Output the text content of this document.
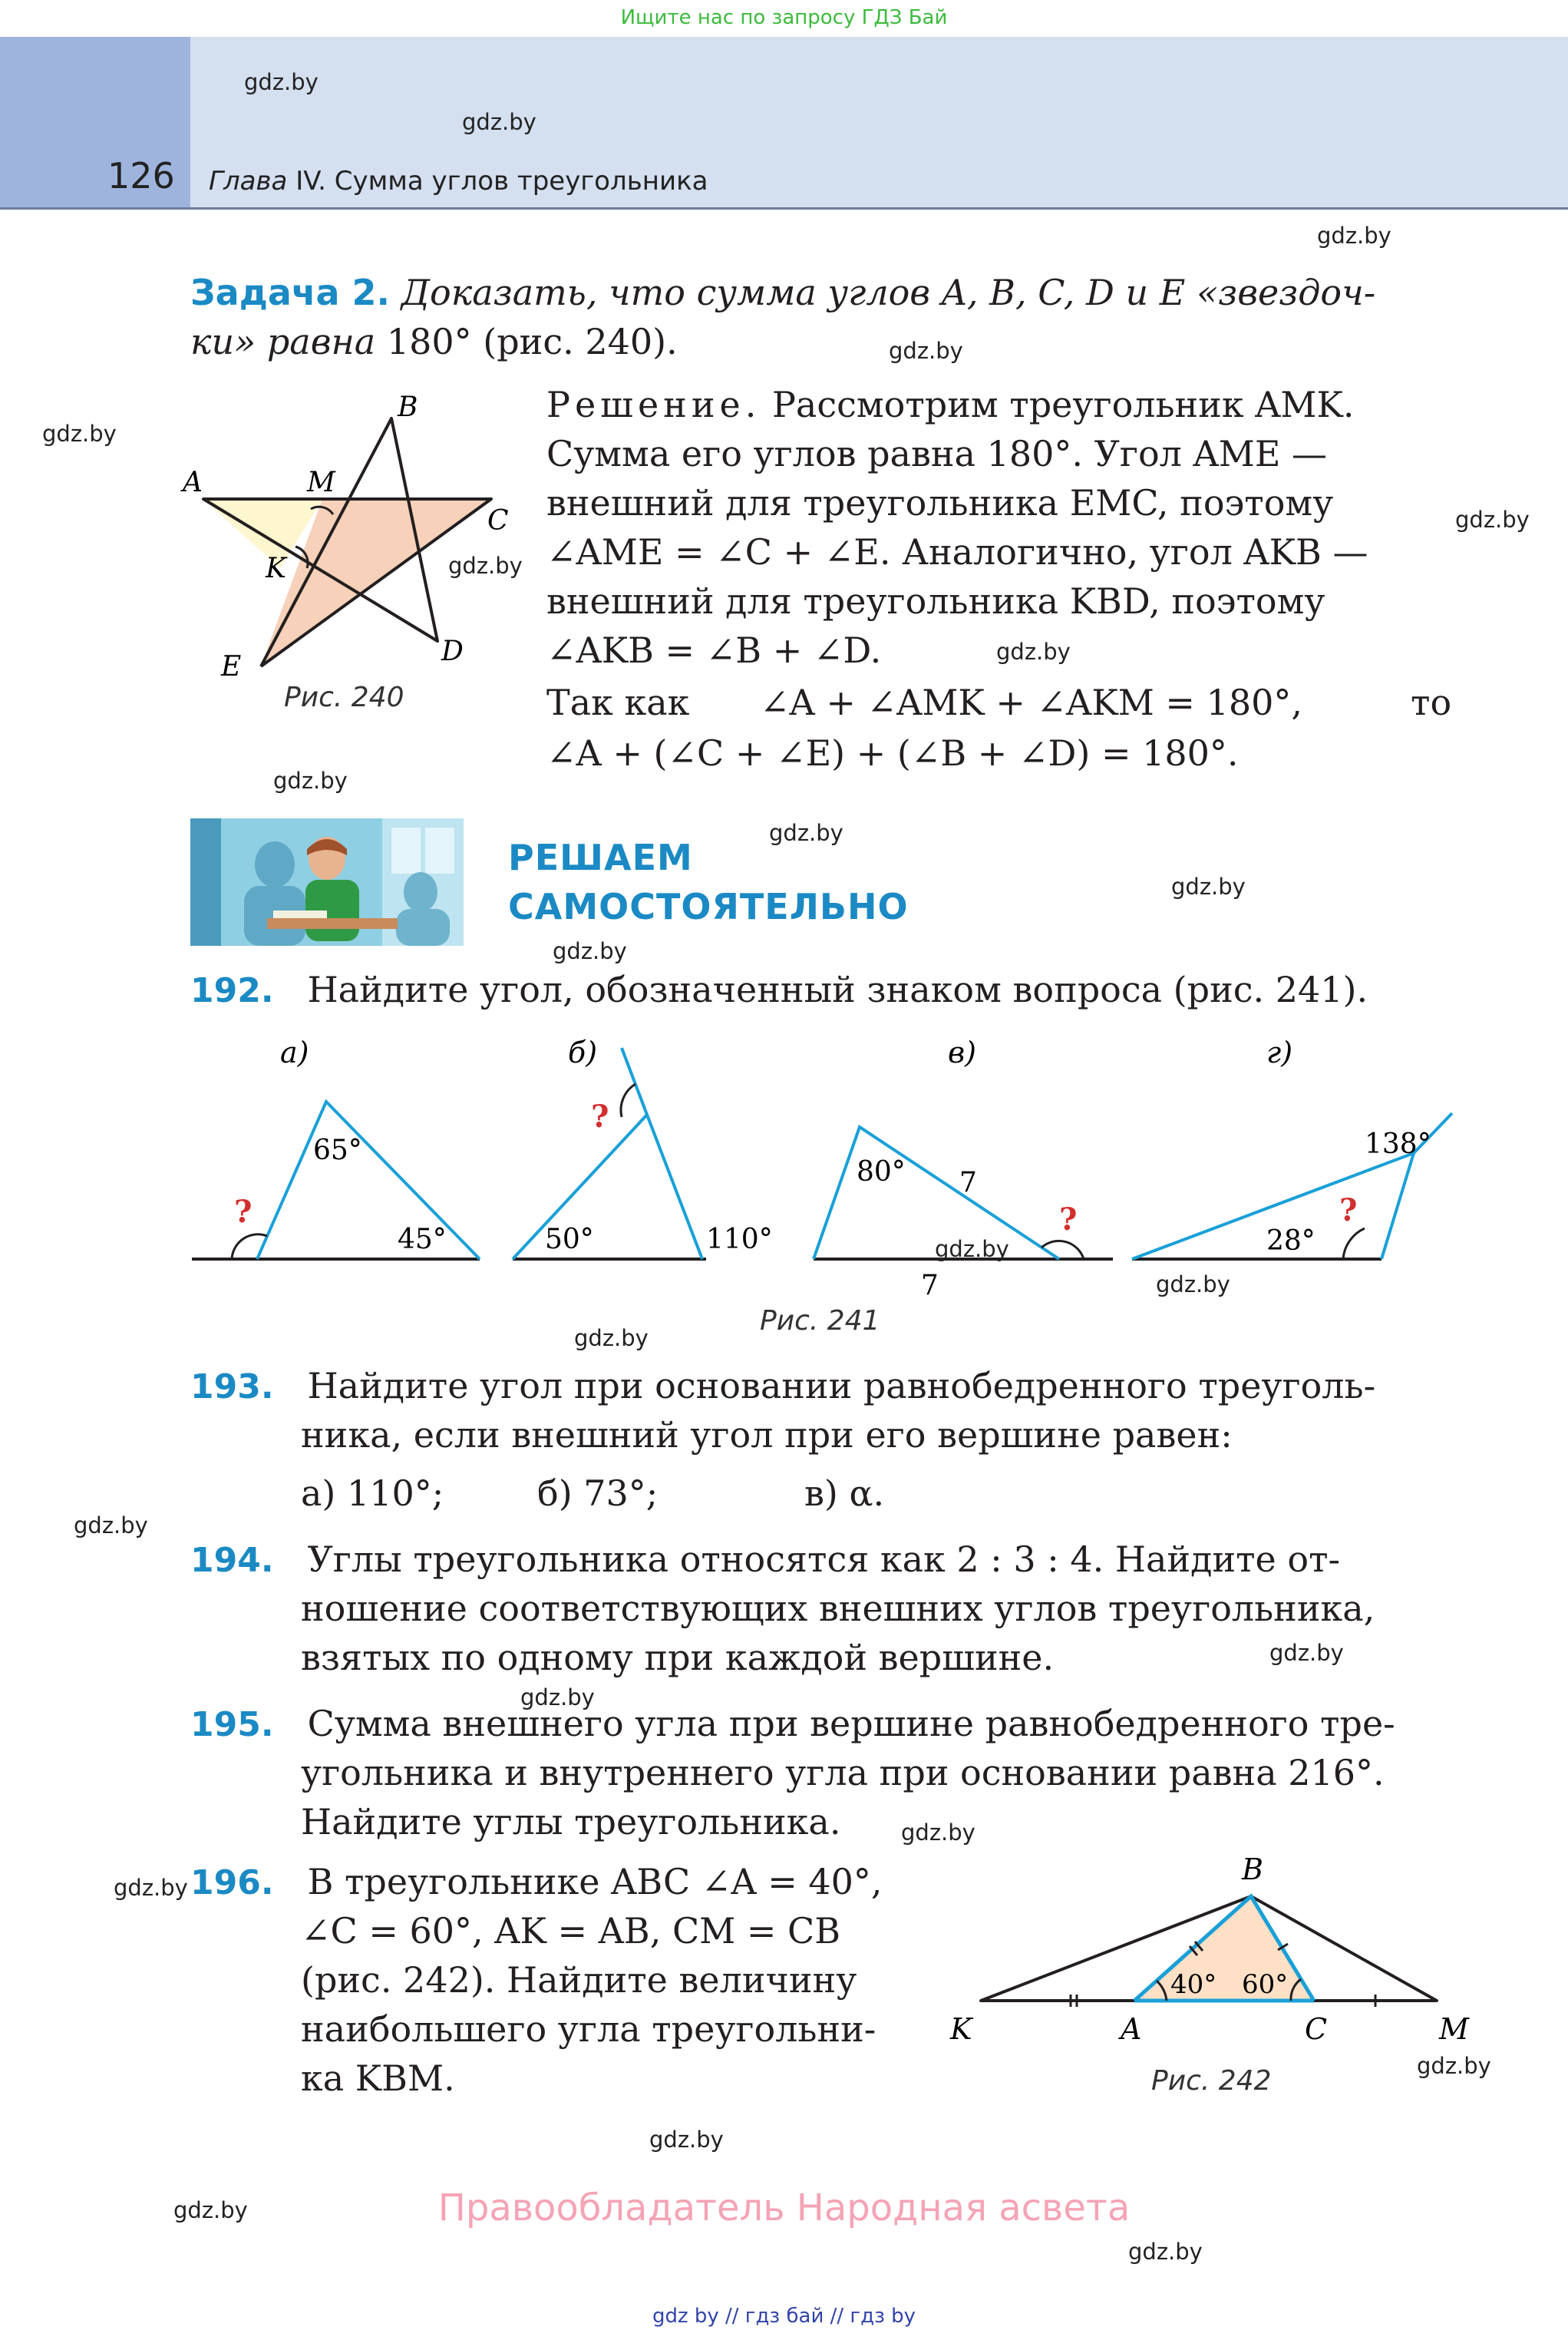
Ищите нас по запросу ГДЗ Бай
126 Глава IV. Сумма углов треугольника
Задача 2. Доказать, что сумма углов A, B, C, D и E «звездоч-
ки» равна 180° (рис. 240).
Решение. Рассмотрим треугольник AMK.
Сумма его углов равна 180°. Угол AME —
внешний для треугольника EMC, поэтому
∠AME = ∠C + ∠E. Аналогично, угол AKB —
внешний для треугольника KBD, поэтому
∠AKB = ∠B + ∠D.
Так как ∠A + ∠AMK + ∠AKM = 180°,	то
∠A + (∠C + ∠E) + (∠B + ∠D) = 180°.
B
A	M
C
K
D
E
Рис. 240
РЕШАЕМ
САМОСТОЯТЕЛЬНО
192. Найдите угол, обозначенный знаком вопроса (рис. 241).
а)
?
65°
45°
б)
?
50°	110°
в)
?
80° 7
7
г)
?
28°
138°
Рис. 241
193. Найдите угол при основании равнобедренного треуголь-
ника, если внешний угол при его вершине равен:
а) 110°;	б) 73°;	в) α.
194. Углы треугольника относятся как 2 : 3 : 4. Найдите от-
ношение соответствующих внешних углов треугольника,
взятых по одному при каждой вершине.
195. Сумма внешнего угла при вершине равнобедренного тре-
угольника и внутреннего угла при основании равна 216°.
Найдите углы треугольника.
196. В треугольнике ABC ∠A = 40°,
∠C = 60°, AK = AB, CM = CB
(рис. 242). Найдите величину
наибольшего угла треугольни-
ка KBM.
B
K	A	C	M
40° 60°
Рис. 242
gdz.by
gdz.by
gdz.by
gdz.by
gdz.by
gdz.by
gdz.by
gdz.by
gdz.by
gdz.by
gdz.by
gdz.by
gdz.by
gdz.by
gdz.by
gdz.by
gdz.by
gdz.by
gdz.by
gdz.by
gdz.by
gdz.by
gdz.by
gdz.by
Правообладатель Народная асвета
gdz by // гдз бай // гдз by
